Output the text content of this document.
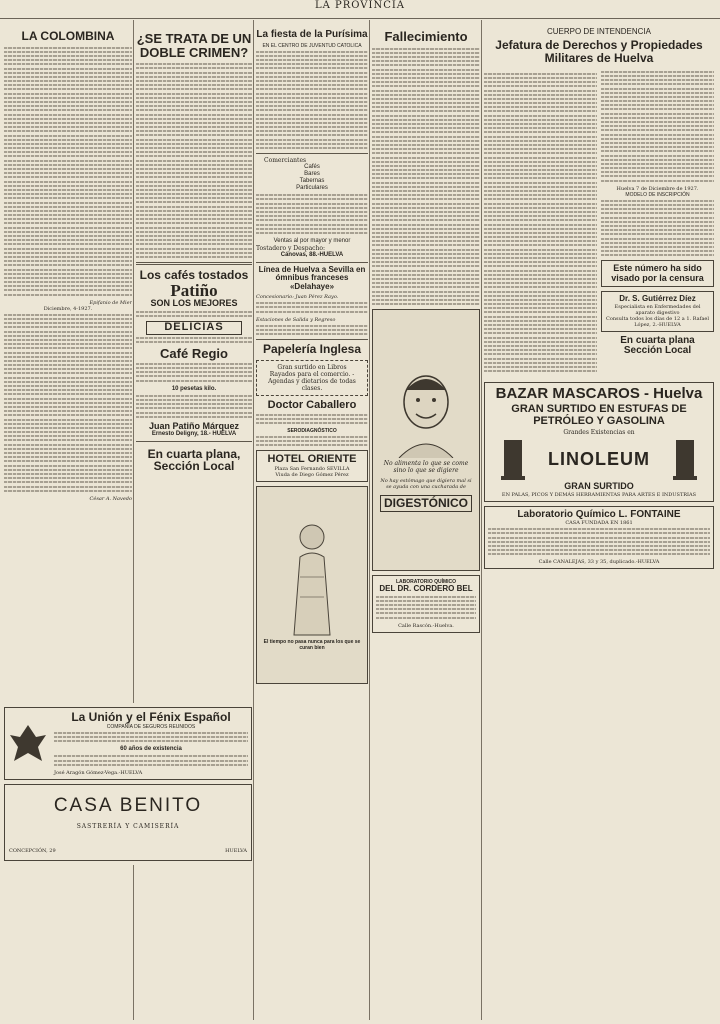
LA PROVINCIA
LA COLOMBINA
Epifanio de Mier
Diciembre, 4-1927.
César A. Navedo
¿SE TRATA DE UN DOBLE CRIMEN?
Los cafés tostados
Patiño
SON LOS MEJORES
DELICIAS
Café Regio
10 pesetas kilo.
Juan Patiño Márquez
Ernesto Deligny, 18.- HUELVA
En cuarta plana, Sección Local
La fiesta de la Purísima
EN EL CENTRO DE JUVENTUD CATOLICA
Comerciantes
Cafés
Bares
Tabernas
Particulares
Ventas al por mayor y menor
Tostadero y Despacho:
Cánovas, 88.-HUELVA
Línea de Huelva a Sevilla en ómnibus franceses «Delahaye»
Concesionario: Juan Pérez Rayo.
Estaciones de Salida y Regreso
Papelería Inglesa
Gran surtido en Libros
Rayados para el comercio. - Agendas y dietarios de todas clases.
Doctor Caballero
SERODIAGNÓSTICO
HOTEL ORIENTE
Plaza San Fernando SEVILLA
Viuda de Diego Gómez Pérez
El tiempo no pasa nunca para los que se curan bien
Fallecimiento
No alimenta lo que se come sino lo que se digiere
No hay estómago que digiera mal si se ayuda con una cucharada de
DIGESTÓNICO
LABORATORIO QUÍMICO
DEL DR. CORDERO BEL
Calle Rascón.-Huelva.
CUERPO DE INTENDENCIA
Jefatura de Derechos y Propiedades Militares de Huelva
Huelva 7 de Diciembre de 1927.
MODELO DE INSCRIPCIÓN
Este número ha sido visado por la censura
Dr. S. Gutiérrez Díez
Especialista en Enfermedades del aparato digestivo
Consulta todos los días de 12 a 1. Rafael López, 2.-HUELVA
En cuarta plana Sección Local
BAZAR MASCAROS - Huelva
GRAN SURTIDO EN ESTUFAS DE PETRÓLEO Y GASOLINA
Grandes Existencias en
LINOLEUM
GRAN SURTIDO
EN PALAS, PICOS Y DEMÁS HERRAMIENTAS PARA ARTES E INDUSTRIAS
Laboratorio Químico L. FONTAINE
CASA FUNDADA EN 1861
Calle CANALEJAS, 33 y 35, duplicado.-HUELVA
La Unión y el Fénix Español
COMPAÑÍA DE SEGUROS REUNIDOS
60 años de existencia
José Aragón Gómez-Vega.-HUELVA
CASA BENITO
SASTRERÍA Y CAMISERÍA
CONCEPCIÓN, 29	HUELVA
